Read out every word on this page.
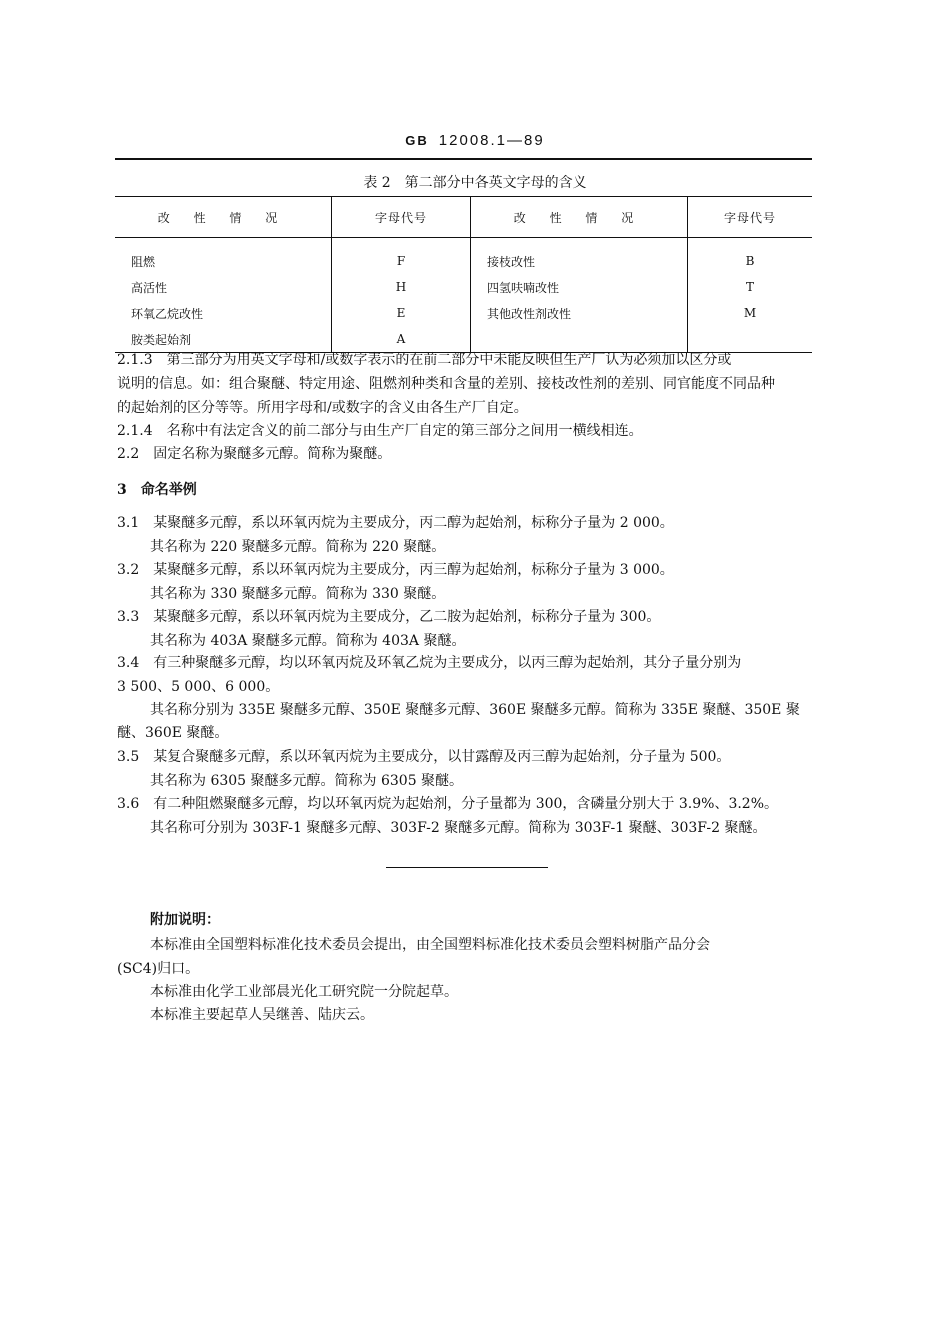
GB 12008.1—89
表 2 第二部分中各英文字母的含义
改 性 情 况	字母代号	改 性 情 况	字母代号
阻燃	F	接枝改性	B
高活性	H	四氢呋喃改性	T
环氧乙烷改性	E	其他改性剂改性	M
胺类起始剂	A		
2.1.3　第三部分为用英文字母和/或数字表示的在前二部分中未能反映但生产厂认为必须加以区分或
说明的信息。如：组合聚醚、特定用途、阻燃剂种类和含量的差别、接枝改性剂的差别、同官能度不同品种
的起始剂的区分等等。所用字母和/或数字的含义由各生产厂自定。
2.1.4　名称中有法定含义的前二部分与由生产厂自定的第三部分之间用一横线相连。
2.2　固定名称为聚醚多元醇。简称为聚醚。
3　命名举例
3.1　某聚醚多元醇，系以环氧丙烷为主要成分，丙二醇为起始剂，标称分子量为 2 000。
其名称为 220 聚醚多元醇。简称为 220 聚醚。
3.2　某聚醚多元醇，系以环氧丙烷为主要成分，丙三醇为起始剂，标称分子量为 3 000。
其名称为 330 聚醚多元醇。简称为 330 聚醚。
3.3　某聚醚多元醇，系以环氧丙烷为主要成分，乙二胺为起始剂，标称分子量为 300。
其名称为 403A 聚醚多元醇。简称为 403A 聚醚。
3.4　有三种聚醚多元醇，均以环氧丙烷及环氧乙烷为主要成分，以丙三醇为起始剂，其分子量分别为
3 500、5 000、6 000。
其名称分别为 335E 聚醚多元醇、350E 聚醚多元醇、360E 聚醚多元醇。简称为 335E 聚醚、350E 聚
醚、360E 聚醚。
3.5　某复合聚醚多元醇，系以环氧丙烷为主要成分，以甘露醇及丙三醇为起始剂，分子量为 500。
其名称为 6305 聚醚多元醇。简称为 6305 聚醚。
3.6　有二种阻燃聚醚多元醇，均以环氧丙烷为起始剂，分子量都为 300，含磷量分别大于 3.9%、3.2%。
其名称可分别为 303F-1 聚醚多元醇、303F-2 聚醚多元醇。简称为 303F-1 聚醚、303F-2 聚醚。
附加说明：
本标准由全国塑料标准化技术委员会提出，由全国塑料标准化技术委员会塑料树脂产品分会
(SC4)归口。
本标准由化学工业部晨光化工研究院一分院起草。
本标准主要起草人吴继善、陆庆云。
